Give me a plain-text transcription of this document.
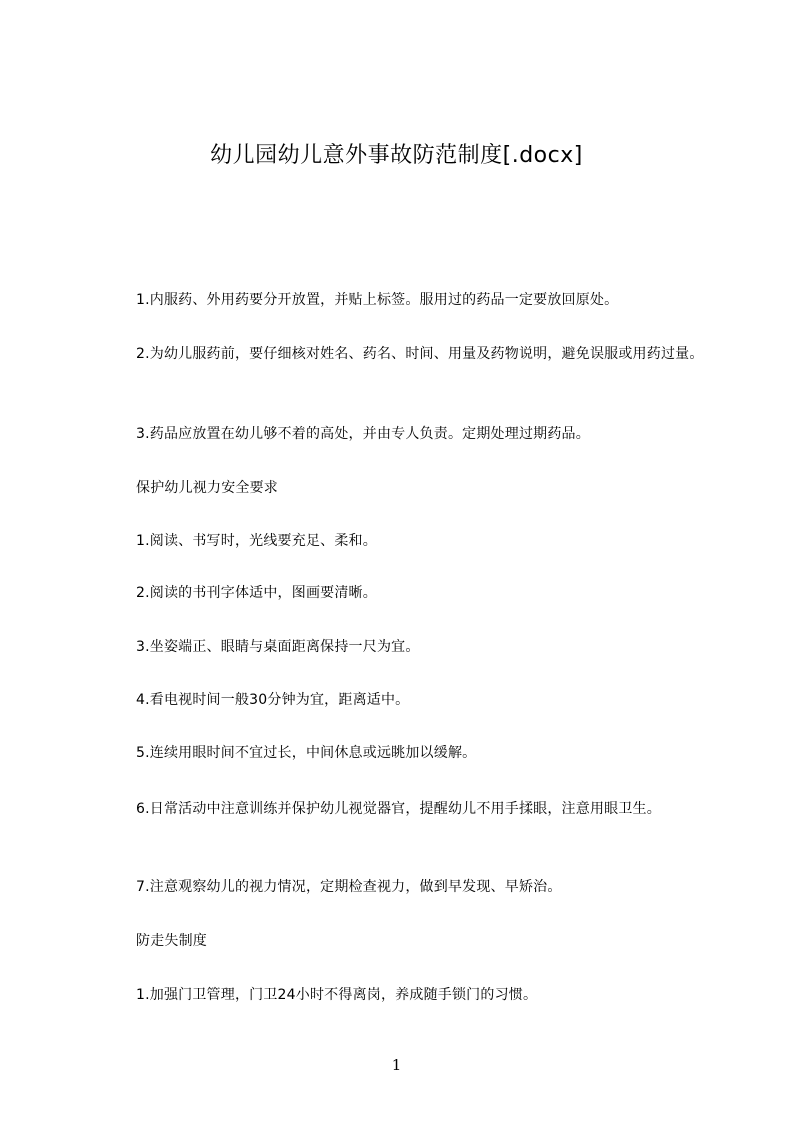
幼儿园幼儿意外事故防范制度[.docx]
1.内服药、外用药要分开放置，并贴上标签。服用过的药品一定要放回原处。
2.为幼儿服药前，要仔细核对姓名、药名、时间、用量及药物说明，避免误服或用药过量。
3.药品应放置在幼儿够不着的高处，并由专人负责。定期处理过期药品。
保护幼儿视力安全要求
1.阅读、书写时，光线要充足、柔和。
2.阅读的书刊字体适中，图画要清晰。
3.坐姿端正、眼睛与桌面距离保持一尺为宜。
4.看电视时间一般30分钟为宜，距离适中。
5.连续用眼时间不宜过长，中间休息或远眺加以缓解。
6.日常活动中注意训练并保护幼儿视觉器官，提醒幼儿不用手揉眼，注意用眼卫生。
7.注意观察幼儿的视力情况，定期检查视力，做到早发现、早矫治。
防走失制度
1.加强门卫管理，门卫24小时不得离岗，养成随手锁门的习惯。
1
